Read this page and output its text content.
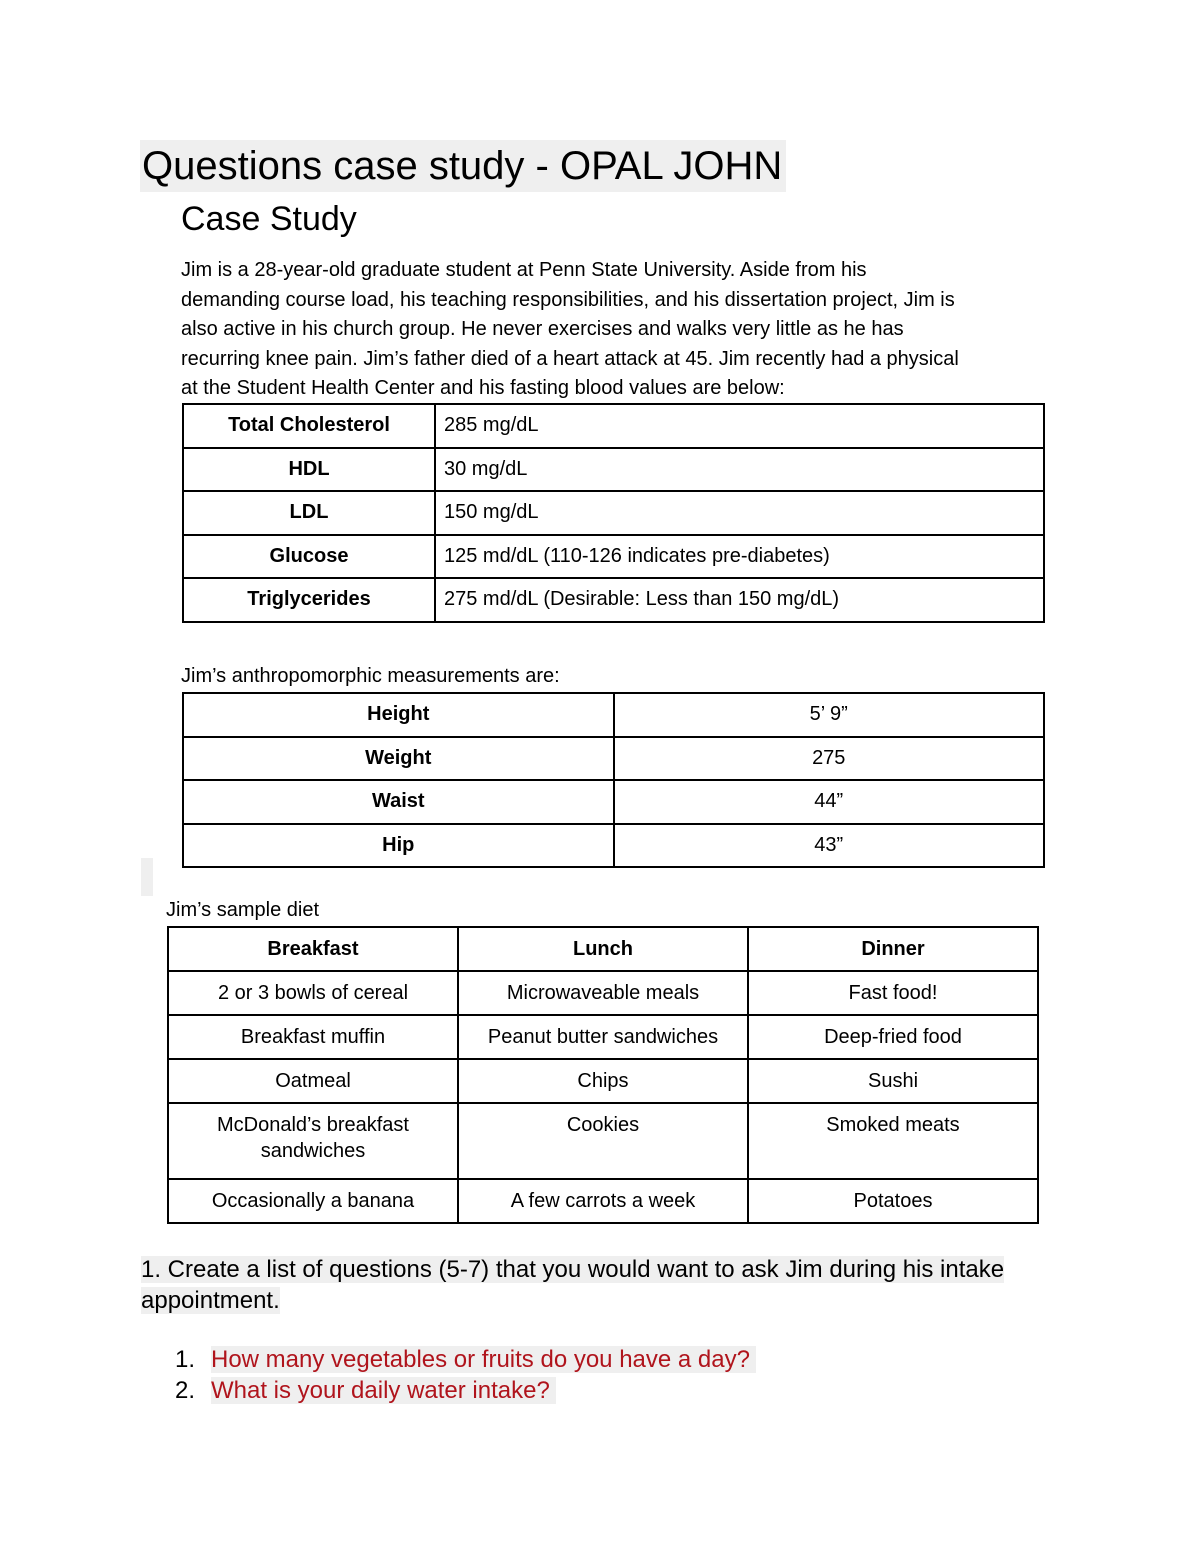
Questions case study - OPAL JOHN
Case Study

Jim is a 28-year-old graduate student at Penn State University. Aside from his
demanding course load, his teaching responsibilities, and his dissertation project, Jim is
also active in his church group. He never exercises and walks very little as he has
recurring knee pain. Jim’s father died of a heart attack at 45. Jim recently had a physical
at the Student Health Center and his fasting blood values are below:

Total Cholesterol	285 mg/dL
HDL	30 mg/dL
LDL	150 mg/dL
Glucose	125 md/dL (110-126 indicates pre-diabetes)
Triglycerides	275 md/dL (Desirable: Less than 150 mg/dL)
Jim’s anthropomorphic measurements are:
Height	5’ 9”
Weight	275
Waist	44”
Hip	43”
Jim’s sample diet
Breakfast	Lunch	Dinner
2 or 3 bowls of cereal	Microwaveable meals	Fast food!
Breakfast muffin	Peanut butter sandwiches	Deep-fried food
Oatmeal	Chips	Sushi
McDonald’s breakfast sandwiches	Cookies	Smoked meats
Occasionally a banana	A few carrots a week	Potatoes
1. Create a list of questions (5-7) that you would want to ask Jim during his intake appointment.
1. How many vegetables or fruits do you have a day?
2. What is your daily water intake?
